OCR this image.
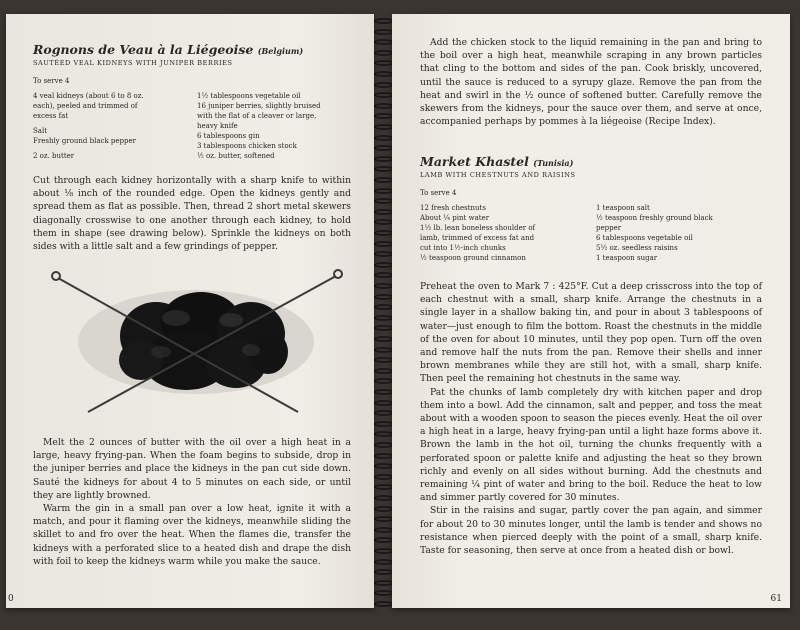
Rognons de Veau à la Liégeoise (Belgium)
SAUTÉED VEAL KIDNEYS WITH JUNIPER BERRIES
To serve 4
4 veal kidneys (about 6 to 8 oz.
each), peeled and trimmed of
excess fat
Salt
Freshly ground black pepper
2 oz. butter
1½ tablespoons vegetable oil
16 juniper berries, slightly bruised
with the flat of a cleaver or large,
heavy knife
6 tablespoons gin
3 tablespoons chicken stock
½ oz. butter, softened

Cut through each kidney horizontally with a sharp knife to within about ⅛ inch of the rounded edge. Open the kidneys gently and spread them as flat as possible. Then, thread 2 short metal skewers diagonally crosswise to one another through each kidney, to hold them in shape (see drawing below). Sprinkle the kidneys on both sides with a little salt and a few grindings of pepper.

Melt the 2 ounces of butter with the oil over a high heat in a large, heavy frying-pan. When the foam begins to subside, drop in the juniper berries and place the kidneys in the pan cut side down. Sauté the kidneys for about 4 to 5 minutes on each side, or until they are lightly browned.

Warm the gin in a small pan over a low heat, ignite it with a match, and pour it flaming over the kidneys, meanwhile sliding the skillet to and fro over the heat. When the flames die, transfer the kidneys with a perforated slice to a heated dish and drape the dish with foil to keep the kidneys warm while you make the sauce.

0

Add the chicken stock to the liquid remaining in the pan and bring to the boil over a high heat, meanwhile scraping in any brown particles that cling to the bottom and sides of the pan. Cook briskly, uncovered, until the sauce is reduced to a syrupy glaze. Remove the pan from the heat and swirl in the ½ ounce of softened butter. Carefully remove the skewers from the kidneys, pour the sauce over them, and serve at once, accompanied perhaps by pommes à la liégeoise (Recipe Index).

Market Khastel (Tunisia)
LAMB WITH CHESTNUTS AND RAISINS
To serve 4
12 fresh chestnuts
About ¼ pint water
1½ lb. lean boneless shoulder of
lamb, trimmed of excess fat and
cut into 1½-inch chunks
½ teaspoon ground cinnamon
1 teaspoon salt
½ teaspoon freshly ground black
pepper
6 tablespoons vegetable oil
5½ oz. seedless raisins
1 teaspoon sugar

Preheat the oven to Mark 7 : 425°F. Cut a deep crisscross into the top of each chestnut with a small, sharp knife. Arrange the chestnuts in a single layer in a shallow baking tin, and pour in about 3 tablespoons of water—just enough to film the bottom. Roast the chestnuts in the middle of the oven for about 10 minutes, until they pop open. Turn off the oven and remove half the nuts from the pan. Remove their shells and inner brown membranes while they are still hot, with a small, sharp knife. Then peel the remaining hot chestnuts in the same way.

Pat the chunks of lamb completely dry with kitchen paper and drop them into a bowl. Add the cinnamon, salt and pepper, and toss the meat about with a wooden spoon to season the pieces evenly. Heat the oil over a high heat in a large, heavy frying-pan until a light haze forms above it. Brown the lamb in the hot oil, turning the chunks frequently with a perforated spoon or palette knife and adjusting the heat so they brown richly and evenly on all sides without burning. Add the chestnuts and remaining ¼ pint of water and bring to the boil. Reduce the heat to low and simmer partly covered for 30 minutes.

Stir in the raisins and sugar, partly cover the pan again, and simmer for about 20 to 30 minutes longer, until the lamb is tender and shows no resistance when pierced deeply with the point of a small, sharp knife. Taste for seasoning, then serve at once from a heated dish or bowl.

61
